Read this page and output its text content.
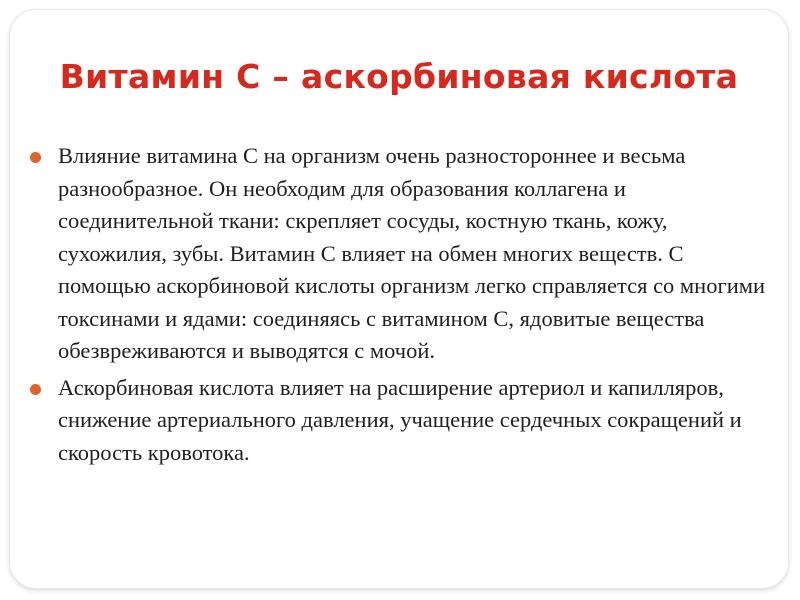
Витамин С – аскорбиновая кислота
Влияние витамина С на организм очень разностороннее и весьма разнообразное. Он необходим для образования коллагена и соединительной ткани: скрепляет сосуды, костную ткань, кожу, сухожилия, зубы. Витамин С влияет на обмен многих веществ. С помощью аскорбиновой кислоты организм легко справляется со многими токсинами и ядами: соединяясь с витамином С, ядовитые вещества обезвреживаются и выводятся с мочой.
Аскорбиновая кислота влияет на расширение артериол и капилляров, снижение артериального давления, учащение сердечных сокращений и скорость кровотока.
